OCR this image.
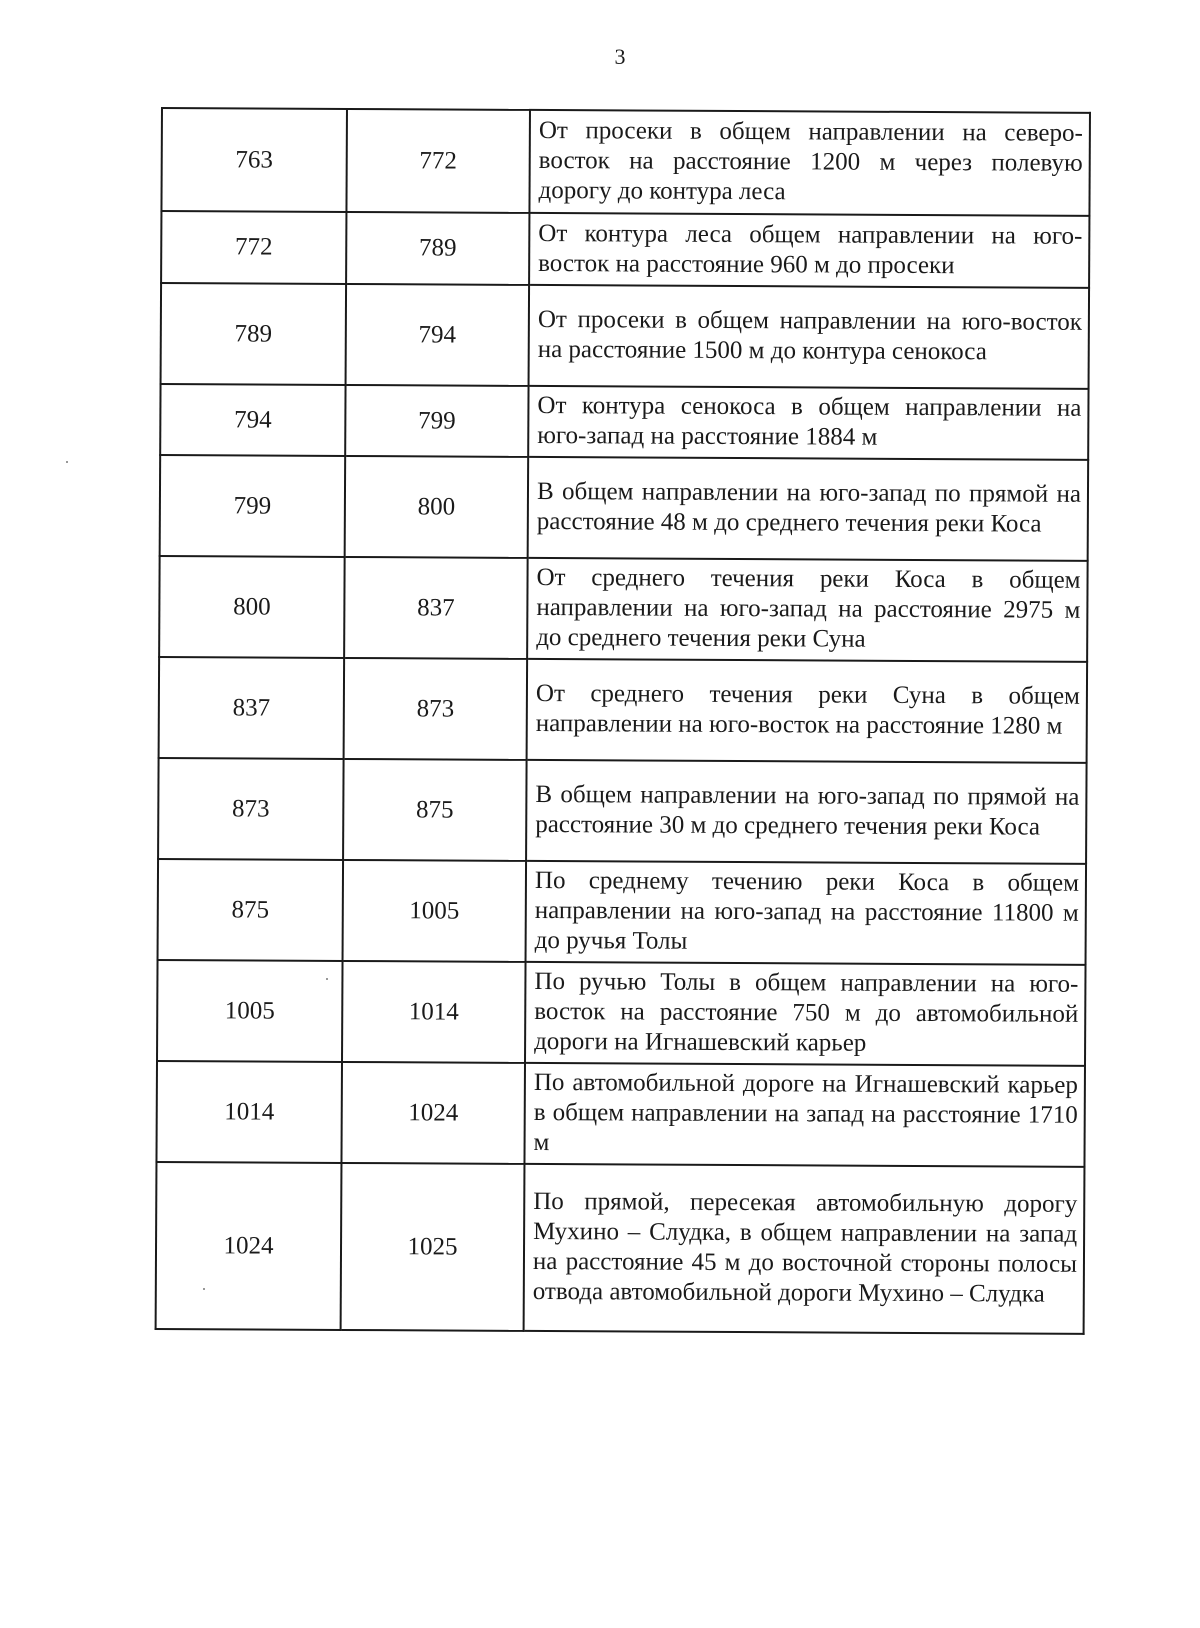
3
763	772	От просеки в общем направлении на северо-восток на расстояние 1200 м через полевую дорогу до контура леса
772	789	От контура леса общем направлении на юго-восток на расстояние 960 м до просеки
789	794	От просеки в общем направлении на юго-восток на расстояние 1500 м до контура сенокоса
794	799	От контура сенокоса в общем направлении на юго-запад на расстояние 1884 м
799	800	В общем направлении на юго-запад по прямой на расстояние 48 м до среднего течения реки Коса
800	837	От среднего течения реки Коса в общем направлении на юго-запад на расстояние 2975 м до среднего течения реки Суна
837	873	От среднего течения реки Суна в общем направлении на юго-восток на расстояние 1280 м
873	875	В общем направлении на юго-запад по прямой на расстояние 30 м до среднего течения реки Коса
875	1005	По среднему течению реки Коса в общем направлении на юго-запад на расстояние 11800 м до ручья Толы
1005	1014	По ручью Толы в общем направлении на юго-восток на расстояние 750 м до автомобильной дороги на Игнашевский карьер
1014	1024	По автомобильной дороге на Игнашевский карьер в общем направлении на запад на расстояние 1710 м
1024	1025	По прямой, пересекая автомобильную дорогу Мухино – Слудка, в общем направлении на запад на расстояние 45 м до восточной стороны полосы отвода автомобильной дороги Мухино – Слудка
